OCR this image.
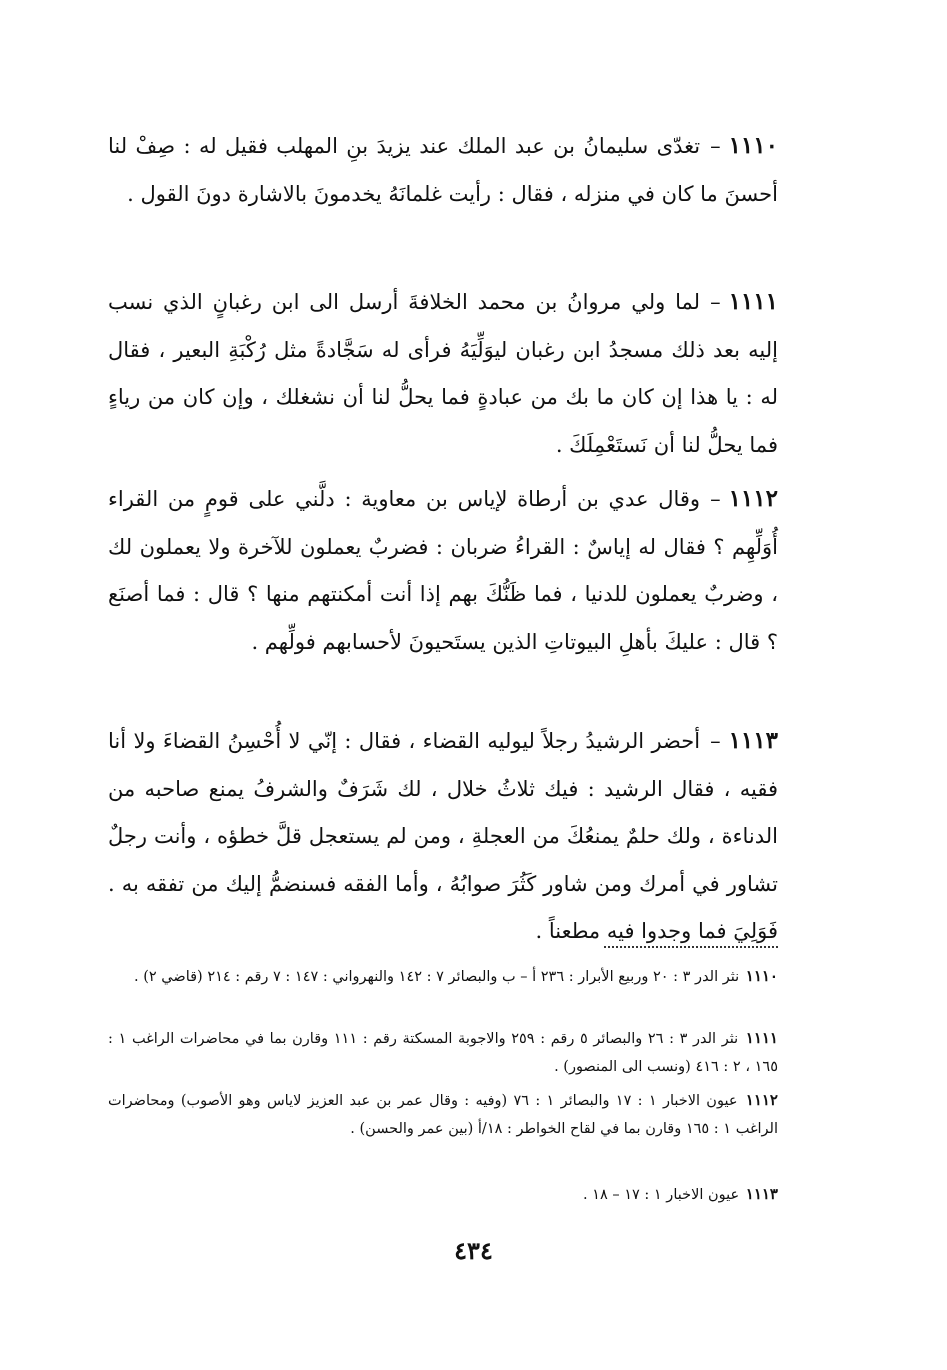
١١١٠–تغدّى سليمانُ بن عبد الملك عند يزيدَ بنِ المهلب فقيل له : صِفْ لنا أحسنَ ما كان في منزله ، فقال : رأيت غلمانَهُ يخدمونَ بالاشارة دونَ القول .

١١١١–لما ولي مروانُ بن محمد الخلافةَ أرسل الى ابن رغبانٍ الذي نسب إليه بعد ذلك مسجدُ ابن رغبان ليوَلِّيَهُ فرأى له سَجَّادةً مثل رُكْبَةِ البعير ، فقال له : يا هذا إن كان ما بك من عبادةٍ فما يحلُّ لنا أن نشغلك ، وإن كان من رياءٍ فما يحلُّ لنا أن نَستَعْمِلَكَ .

١١١٢–وقال عدي بن أرطاة لإياس بن معاوية : دلَّني على قومٍ من القراء أُوَلِّهِم ؟ فقال له إياسٌ : القراءُ ضربان : فضربٌ يعملون للآخرة ولا يعملون لك ، وضربٌ يعملون للدنيا ، فما ظَنُّكَ بهم إذا أنت أمكنتهم منها ؟ قال : فما أصنَع ؟ قال : عليكَ بأهلِ البيوتاتِ الذين يستَحيونَ لأحسابهم فولِّهم .

١١١٣–أحضر الرشيدُ رجلاً ليوليه القضاء ، فقال : إنّي لا أُحْسِنُ القضاءَ ولا أنا فقيه ، فقال الرشيد : فيك ثلاثُ خلال ، لك شَرَفٌ والشرفُ يمنع صاحبه من الدناءة ، ولك حلمٌ يمنعُكَ من العجلةِ ، ومن لم يستعجل قلَّ خطؤه ، وأنت رجلٌ تشاور في أمرك ومن شاور كَثُرَ صوابُهُ ، وأما الفقه فسنضمُّ إليك من تفقه به . فَوَلِيَ فما وجدوا فيه مطعناً .

١١١٠ نثر الدر ٣ : ٢٠ وربيع الأبرار : ٢٣٦ أ – ب والبصائر ٧ : ١٤٢ والنهرواني : ١٤٧ : ٧ رقم : ٢١٤ (قاضي ٢) .

١١١١ نثر الدر ٣ : ٢٦ والبصائر ٥ رقم : ٢٥٩ والاجوبة المسكتة رقم : ١١١ وقارن بما في محاضرات الراغب ١ : ١٦٥ ، ٢ : ٤١٦ (ونسب الى المنصور) .

١١١٢ عيون الاخبار ١ : ١٧ والبصائر ١ : ٧٦ (وفيه : وقال عمر بن عبد العزيز لاياس وهو الأصوب) ومحاضرات الراغب ١ : ١٦٥ وقارن بما في لقاح الخواطر : ١٨/أ (بين عمر والحسن) .

١١١٣ عيون الاخبار ١ : ١٧ – ١٨ .

٤٣٤
